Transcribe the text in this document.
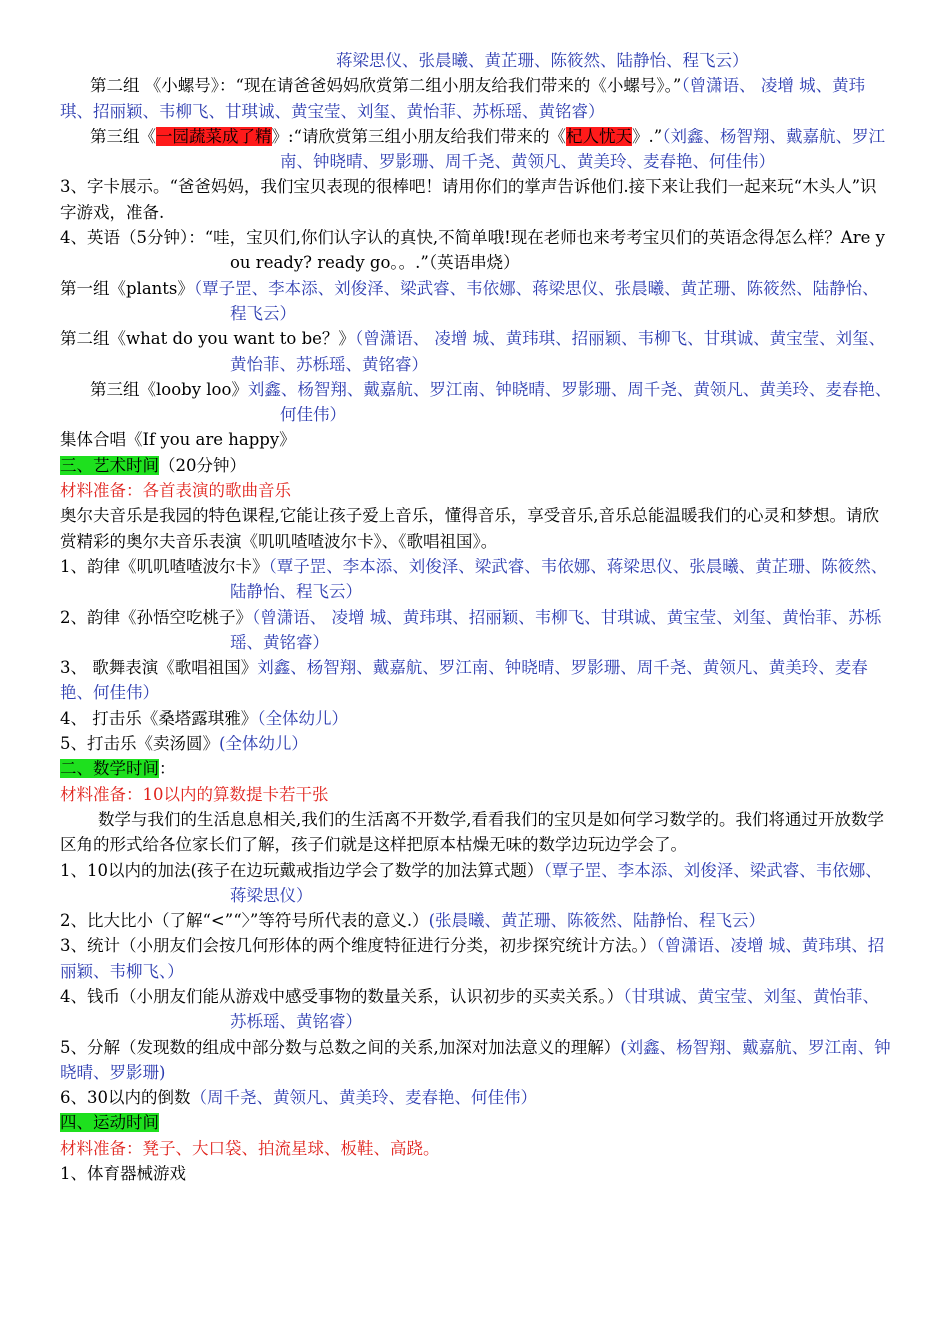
蒋梁思仪、张晨曦、黄芷珊、陈筱然、陆静怡、程飞云）

第二组 《小螺号》：“现在请爸爸妈妈欣赏第二组小朋友给我们带来的《小螺号》。”（曾潇语、 凌增 城、黄玮琪、招丽颖、韦柳飞、甘琪诚、黄宝莹、刘玺、黄怡菲、苏栎瑶、黄铭睿）

第三组《一园蔬菜成了精》:“请欣赏第三组小朋友给我们带来的《杞人忧天》.”（刘鑫、杨智翔、戴嘉航、罗江南、钟晓晴、罗影珊、周千尧、黄领凡、黄美玲、麦春艳、何佳伟）

3、字卡展示。“爸爸妈妈，我们宝贝表现的很棒吧！请用你们的掌声告诉他们.接下来让我们一起来玩“木头人”识字游戏，准备.

4、英语（5分钟）：“哇，宝贝们,你们认字认的真快,不简单哦!现在老师也来考考宝贝们的英语念得怎么样？Are you ready? ready go。。.”（英语串烧）

第一组《plants》（覃子罡、李本添、刘俊泽、梁武睿、韦依娜、蒋梁思仪、张晨曦、黄芷珊、陈筱然、陆静怡、程飞云）

第二组《what do you want to be？》（曾潇语、 凌增 城、黄玮琪、招丽颖、韦柳飞、甘琪诚、黄宝莹、刘玺、黄怡菲、苏栎瑶、黄铭睿）

第三组《looby loo》刘鑫、杨智翔、戴嘉航、罗江南、钟晓晴、罗影珊、周千尧、黄领凡、黄美玲、麦春艳、何佳伟）

集体合唱《If you are happy》

三、艺术时间（20分钟）

材料准备：各首表演的歌曲音乐

奥尔夫音乐是我园的特色课程,它能让孩子爱上音乐，懂得音乐，享受音乐,音乐总能温暖我们的心灵和梦想。请欣赏精彩的奥尔夫音乐表演《叽叽喳喳波尔卡》、《歌唱祖国》。

1、韵律《叽叽喳喳波尔卡》（覃子罡、李本添、刘俊泽、梁武睿、韦依娜、蒋梁思仪、张晨曦、黄芷珊、陈筱然、陆静怡、程飞云）

2、韵律《孙悟空吃桃子》（曾潇语、 凌增 城、黄玮琪、招丽颖、韦柳飞、甘琪诚、黄宝莹、刘玺、黄怡菲、苏栎瑶、黄铭睿）

3、 歌舞表演《歌唱祖国》刘鑫、杨智翔、戴嘉航、罗江南、钟晓晴、罗影珊、周千尧、黄领凡、黄美玲、麦春艳、何佳伟）

4、 打击乐《桑塔露琪雅》（全体幼儿）

5、打击乐《卖汤圆》(全体幼儿）

二、数学时间：

材料准备：10以内的算数提卡若干张

数学与我们的生活息息相关,我们的生活离不开数学,看看我们的宝贝是如何学习数学的。我们将通过开放数学区角的形式给各位家长们了解，孩子们就是这样把原本枯燥无味的数学边玩边学会了。

1、10以内的加法(孩子在边玩戴戒指边学会了数学的加法算式题）（覃子罡、李本添、刘俊泽、梁武睿、韦依娜、蒋梁思仪）

2、比大比小（了解“<”“〉”等符号所代表的意义.）(张晨曦、黄芷珊、陈筱然、陆静怡、程飞云）

3、统计（小朋友们会按几何形体的两个维度特征进行分类，初步探究统计方法。）（曾潇语、凌增 城、黄玮琪、招丽颖、韦柳飞、）

4、钱币（小朋友们能从游戏中感受事物的数量关系，认识初步的买卖关系。）（甘琪诚、黄宝莹、刘玺、黄怡菲、苏栎瑶、黄铭睿）

5、分解（发现数的组成中部分数与总数之间的关系,加深对加法意义的理解）(刘鑫、杨智翔、戴嘉航、罗江南、钟晓晴、罗影珊)

6、30以内的倒数（周千尧、黄领凡、黄美玲、麦春艳、何佳伟）

四、运动时间

材料准备：凳子、大口袋、拍流星球、板鞋、高跷。

1、体育器械游戏
